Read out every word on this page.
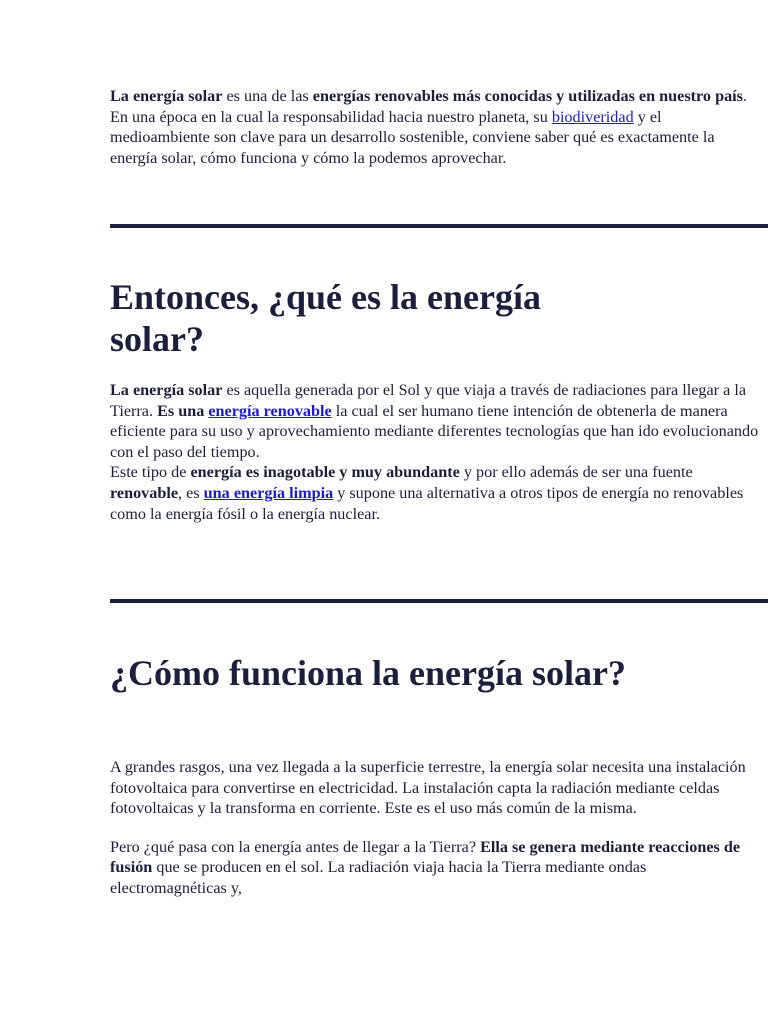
La energía solar es una de las energías renovables más conocidas y utilizadas en nuestro país. En una época en la cual la responsabilidad hacia nuestro planeta, su biodiveridad y el medioambiente son clave para un desarrollo sostenible, conviene saber qué es exactamente la energía solar, cómo funciona y cómo la podemos aprovechar.

Entonces, ¿qué es la energía solar?

La energía solar es aquella generada por el Sol y que viaja a través de radiaciones para llegar a la Tierra. Es una energía renovable la cual el ser humano tiene intención de obtenerla de manera eficiente para su uso y aprovechamiento mediante diferentes tecnologías que han ido evolucionando con el paso del tiempo.

Este tipo de energía es inagotable y muy abundante y por ello además de ser una fuente renovable, es una energía limpia y supone una alternativa a otros tipos de energía no renovables como la energía fósil o la energía nuclear.

¿Cómo funciona la energía solar?

A grandes rasgos, una vez llegada a la superficie terrestre, la energía solar necesita una instalación fotovoltaica para convertirse en electricidad. La instalación capta la radiación mediante celdas fotovoltaicas y la transforma en corriente. Este es el uso más común de la misma.

Pero ¿qué pasa con la energía antes de llegar a la Tierra? Ella se genera mediante reacciones de fusión que se producen en el sol. La radiación viaja hacia la Tierra mediante ondas electromagnéticas y,
